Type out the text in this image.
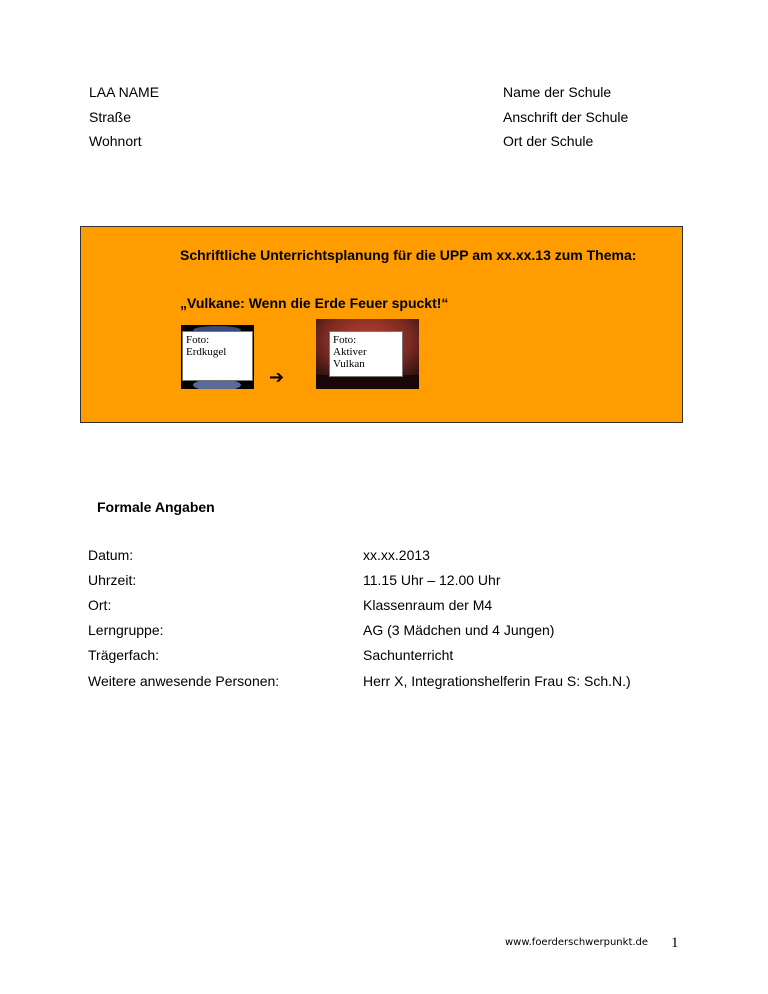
LAA NAME
Straße
Wohnort
Name der Schule
Anschrift der Schule
Ort der Schule
Schriftliche Unterrichtsplanung für die UPP am xx.xx.13 zum Thema:
„Vulkane: Wenn die Erde Feuer spuckt!“
Foto:
Erdkugel
➔
Foto:
Aktiver
Vulkan
Formale Angaben
Datum:	xx.xx.2013
Uhrzeit:	11.15 Uhr – 12.00 Uhr
Ort:	Klassenraum der M4
Lerngruppe:	AG (3 Mädchen und 4 Jungen)
Trägerfach:	Sachunterricht
Weitere anwesende Personen:	Herr X, Integrationshelferin Frau S: Sch.N.)
www.foerderschwerpunkt.de 1
